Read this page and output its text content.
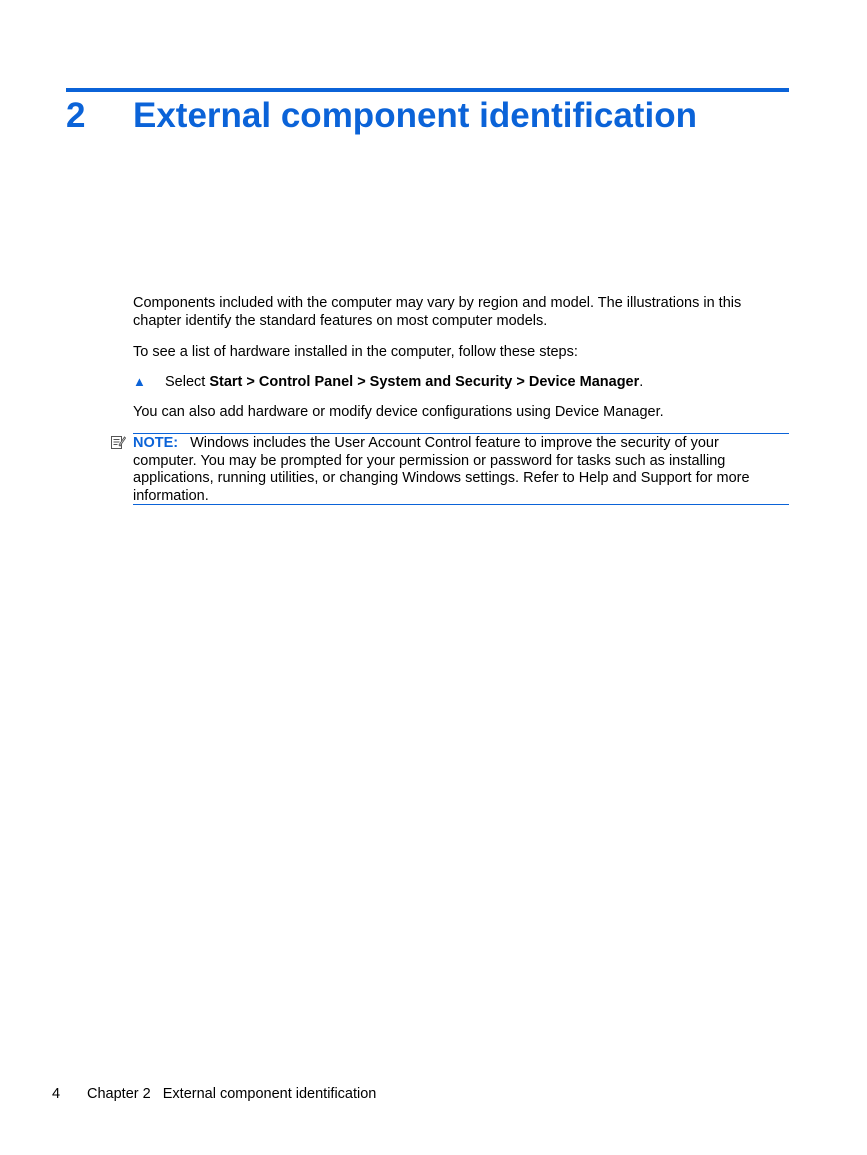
2 External component identification

Components included with the computer may vary by region and model. The illustrations in this chapter identify the standard features on most computer models.

To see a list of hardware installed in the computer, follow these steps:

▲ Select Start > Control Panel > System and Security > Device Manager.

You can also add hardware or modify device configurations using Device Manager.

NOTE: Windows includes the User Account Control feature to improve the security of your computer. You may be prompted for your permission or password for tasks such as installing applications, running utilities, or changing Windows settings. Refer to Help and Support for more information.

4 Chapter 2   External component identification
